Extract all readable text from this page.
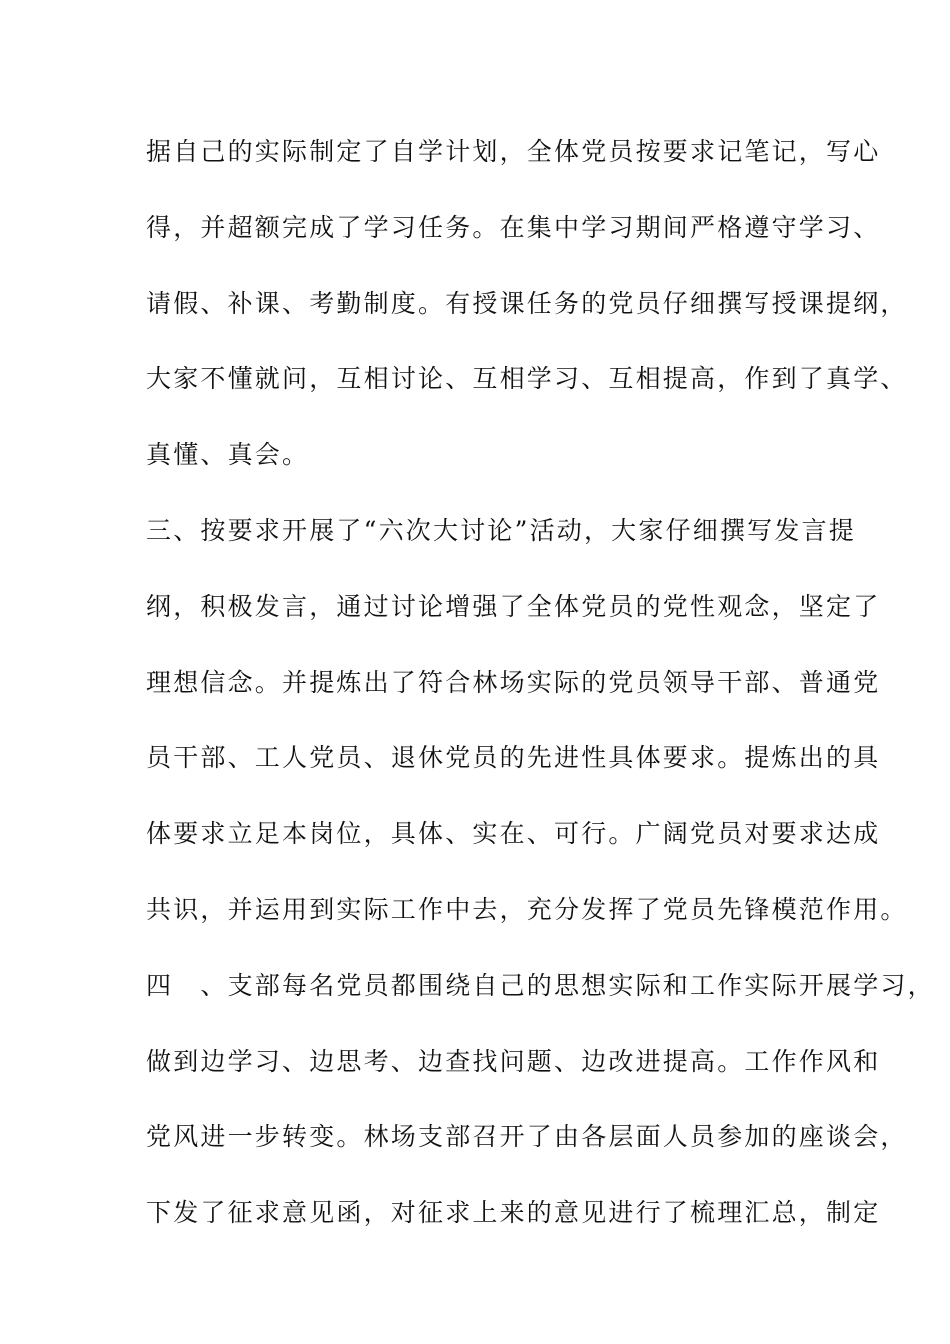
据自己的实际制定了自学计划，全体党员按要求记笔记，写心
得，并超额完成了学习任务。在集中学习期间严格遵守学习、
请假、补课、考勤制度。有授课任务的党员仔细撰写授课提纲，
大家不懂就问，互相讨论、互相学习、互相提高，作到了真学、
真懂、真会。
三、按要求开展了“六次大讨论”活动，大家仔细撰写发言提
纲，积极发言，通过讨论增强了全体党员的党性观念，坚定了
理想信念。并提炼出了符合林场实际的党员领导干部、普通党
员干部、工人党员、退休党员的先进性具体要求。提炼出的具
体要求立足本岗位，具体、实在、可行。广阔党员对要求达成
共识，并运用到实际工作中去，充分发挥了党员先锋模范作用。
四　、支部每名党员都围绕自己的思想实际和工作实际开展学习，
做到边学习、边思考、边查找问题、边改进提高。工作作风和
党风进一步转变。林场支部召开了由各层面人员参加的座谈会，
下发了征求意见函，对征求上来的意见进行了梳理汇总，制定
